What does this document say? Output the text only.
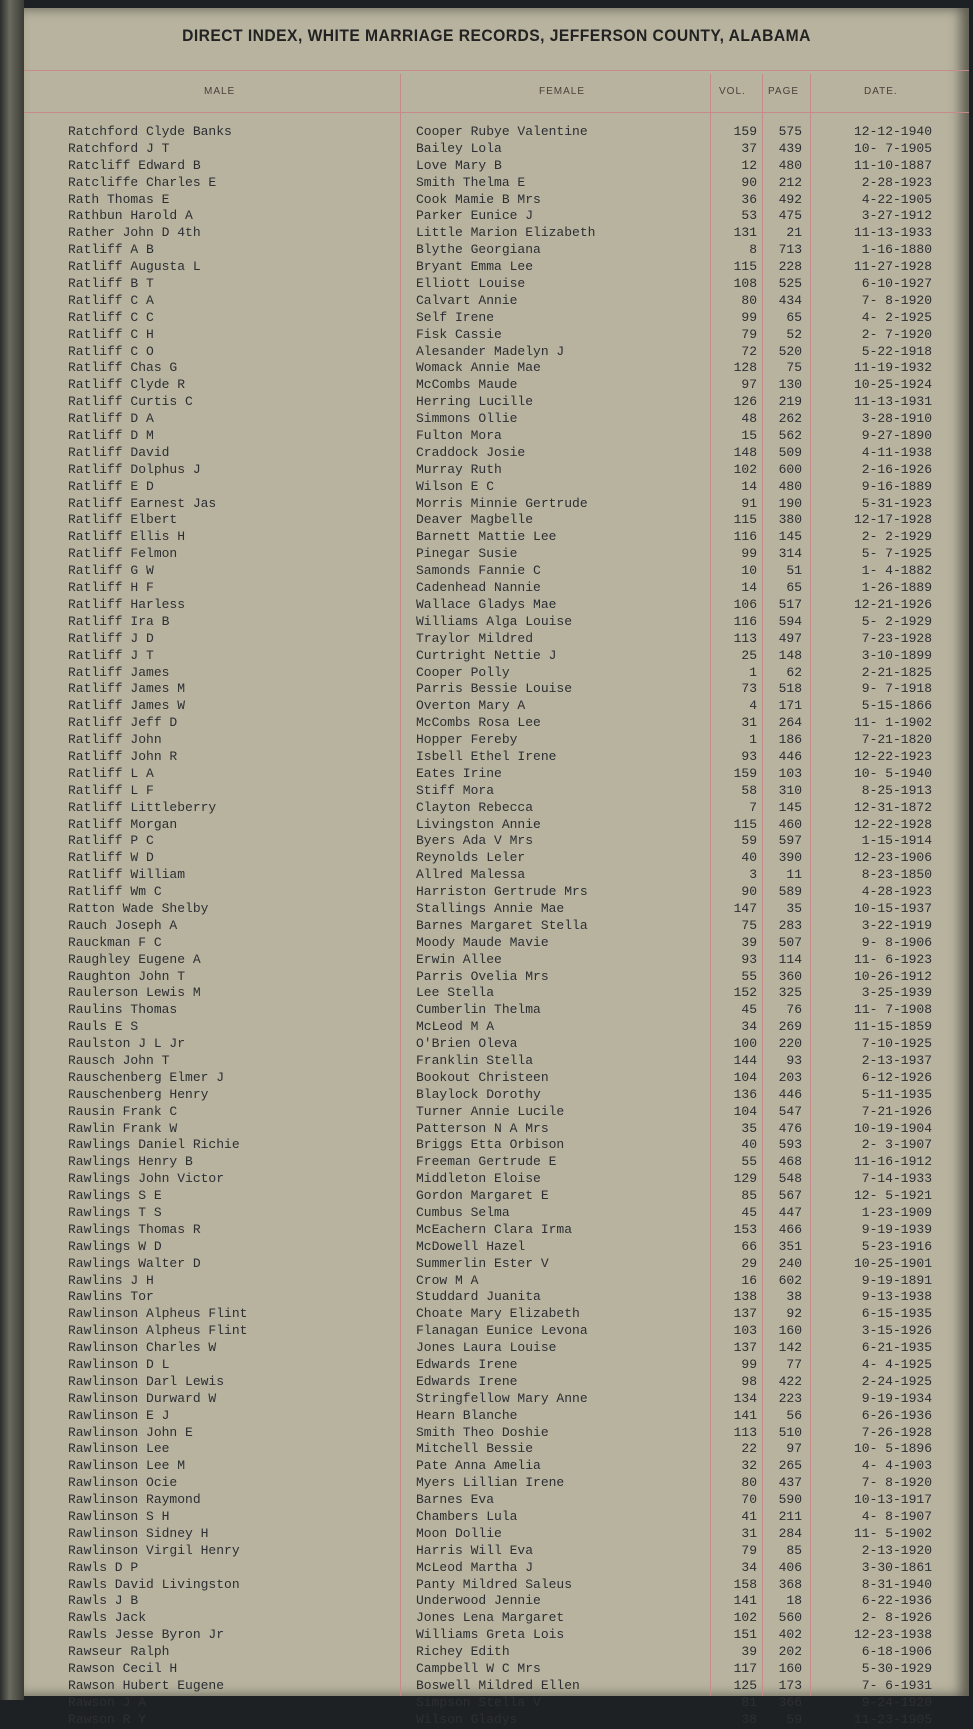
DIRECT INDEX, WHITE MARRIAGE RECORDS, JEFFERSON COUNTY, ALABAMA
MALE	FEMALE	VOL. PAGE	DATE.
Ratchford Clyde Banks	Cooper Rubye Valentine	159	575	12-12-1940
Ratchford J T	Bailey Lola	37	439	10- 7-1905
Ratcliff Edward B	Love Mary B	12	480	11-10-1887
Ratcliffe Charles E	Smith Thelma E	90	212	2-28-1923
Rath Thomas E	Cook Mamie B Mrs	36	492	4-22-1905
Rathbun Harold A	Parker Eunice J	53	475	3-27-1912
Rather John D 4th	Little Marion Elizabeth	131	21	11-13-1933
Ratliff A B	Blythe Georgiana	8	713	1-16-1880
Ratliff Augusta L	Bryant Emma Lee	115	228	11-27-1928
Ratliff B T	Elliott Louise	108	525	6-10-1927
Ratliff C A	Calvart Annie	80	434	7- 8-1920
Ratliff C C	Self Irene	99	65	4- 2-1925
Ratliff C H	Fisk Cassie	79	52	2- 7-1920
Ratliff C O	Alesander Madelyn J	72	520	5-22-1918
Ratliff Chas G	Womack Annie Mae	128	75	11-19-1932
Ratliff Clyde R	McCombs Maude	97	130	10-25-1924
Ratliff Curtis C	Herring Lucille	126	219	11-13-1931
Ratliff D A	Simmons Ollie	48	262	3-28-1910
Ratliff D M	Fulton Mora	15	562	9-27-1890
Ratliff David	Craddock Josie	148	509	4-11-1938
Ratliff Dolphus J	Murray Ruth	102	600	2-16-1926
Ratliff E D	Wilson E C	14	480	9-16-1889
Ratliff Earnest Jas	Morris Minnie Gertrude	91	190	5-31-1923
Ratliff Elbert	Deaver Magbelle	115	380	12-17-1928
Ratliff Ellis H	Barnett Mattie Lee	116	145	2- 2-1929
Ratliff Felmon	Pinegar Susie	99	314	5- 7-1925
Ratliff G W	Samonds Fannie C	10	51	1- 4-1882
Ratliff H F	Cadenhead Nannie	14	65	1-26-1889
Ratliff Harless	Wallace Gladys Mae	106	517	12-21-1926
Ratliff Ira B	Williams Alga Louise	116	594	5- 2-1929
Ratliff J D	Traylor Mildred	113	497	7-23-1928
Ratliff J T	Curtright Nettie J	25	148	3-10-1899
Ratliff James	Cooper Polly	1	62	2-21-1825
Ratliff James M	Parris Bessie Louise	73	518	9- 7-1918
Ratliff James W	Overton Mary A	4	171	5-15-1866
Ratliff Jeff D	McCombs Rosa Lee	31	264	11- 1-1902
Ratliff John	Hopper Fereby	1	186	7-21-1820
Ratliff John R	Isbell Ethel Irene	93	446	12-22-1923
Ratliff L A	Eates Irine	159	103	10- 5-1940
Ratliff L F	Stiff Mora	58	310	8-25-1913
Ratliff Littleberry	Clayton Rebecca	7	145	12-31-1872
Ratliff Morgan	Livingston Annie	115	460	12-22-1928
Ratliff P C	Byers Ada V Mrs	59	597	1-15-1914
Ratliff W D	Reynolds Leler	40	390	12-23-1906
Ratliff William	Allred Malessa	3	11	8-23-1850
Ratliff Wm C	Harriston Gertrude Mrs	90	589	4-28-1923
Ratton Wade Shelby	Stallings Annie Mae	147	35	10-15-1937
Rauch Joseph A	Barnes Margaret Stella	75	283	3-22-1919
Rauckman F C	Moody Maude Mavie	39	507	9- 8-1906
Raughley Eugene A	Erwin Allee	93	114	11- 6-1923
Raughton John T	Parris Ovelia Mrs	55	360	10-26-1912
Raulerson Lewis M	Lee Stella	152	325	3-25-1939
Raulins Thomas	Cumberlin Thelma	45	76	11- 7-1908
Rauls E S	McLeod M A	34	269	11-15-1859
Raulston J L Jr	O'Brien Oleva	100	220	7-10-1925
Rausch John T	Franklin Stella	144	93	2-13-1937
Rauschenberg Elmer J	Bookout Christeen	104	203	6-12-1926
Rauschenberg Henry	Blaylock Dorothy	136	446	5-11-1935
Rausin Frank C	Turner Annie Lucile	104	547	7-21-1926
Rawlin Frank W	Patterson N A Mrs	35	476	10-19-1904
Rawlings Daniel Richie	Briggs Etta Orbison	40	593	2- 3-1907
Rawlings Henry B	Freeman Gertrude E	55	468	11-16-1912
Rawlings John Victor	Middleton Eloise	129	548	7-14-1933
Rawlings S E	Gordon Margaret E	85	567	12- 5-1921
Rawlings T S	Cumbus Selma	45	447	1-23-1909
Rawlings Thomas R	McEachern Clara Irma	153	466	9-19-1939
Rawlings W D	McDowell Hazel	66	351	5-23-1916
Rawlings Walter D	Summerlin Ester V	29	240	10-25-1901
Rawlins J H	Crow M A	16	602	9-19-1891
Rawlins Tor	Studdard Juanita	138	38	9-13-1938
Rawlinson Alpheus Flint	Choate Mary Elizabeth	137	92	6-15-1935
Rawlinson Alpheus Flint	Flanagan Eunice Levona	103	160	3-15-1926
Rawlinson Charles W	Jones Laura Louise	137	142	6-21-1935
Rawlinson D L	Edwards Irene	99	77	4- 4-1925
Rawlinson Darl Lewis	Edwards Irene	98	422	2-24-1925
Rawlinson Durward W	Stringfellow Mary Anne	134	223	9-19-1934
Rawlinson E J	Hearn Blanche	141	56	6-26-1936
Rawlinson John E	Smith Theo Doshie	113	510	7-26-1928
Rawlinson Lee	Mitchell Bessie	22	97	10- 5-1896
Rawlinson Lee M	Pate Anna Amelia	32	265	4- 4-1903
Rawlinson Ocie	Myers Lillian Irene	80	437	7- 8-1920
Rawlinson Raymond	Barnes Eva	70	590	10-13-1917
Rawlinson S H	Chambers Lula	41	211	4- 8-1907
Rawlinson Sidney H	Moon Dollie	31	284	11- 5-1902
Rawlinson Virgil Henry	Harris Will Eva	79	85	2-13-1920
Rawls D P	McLeod Martha J	34	406	3-30-1861
Rawls David Livingston	Panty Mildred Saleus	158	368	8-31-1940
Rawls J B	Underwood Jennie	141	18	6-22-1936
Rawls Jack	Jones Lena Margaret	102	560	2- 8-1926
Rawls Jesse Byron Jr	Williams Greta Lois	151	402	12-23-1938
Rawseur Ralph	Richey Edith	39	202	6-18-1906
Rawson Cecil H	Campbell W C Mrs	117	160	5-30-1929
Rawson Hubert Eugene	Boswell Mildred Ellen	125	173	7- 6-1931
Rawson J A	Simpson Stella V	81	366	9-24-1920
Rawson R Y	Wilson Gladys	38	59	11-23-1905
